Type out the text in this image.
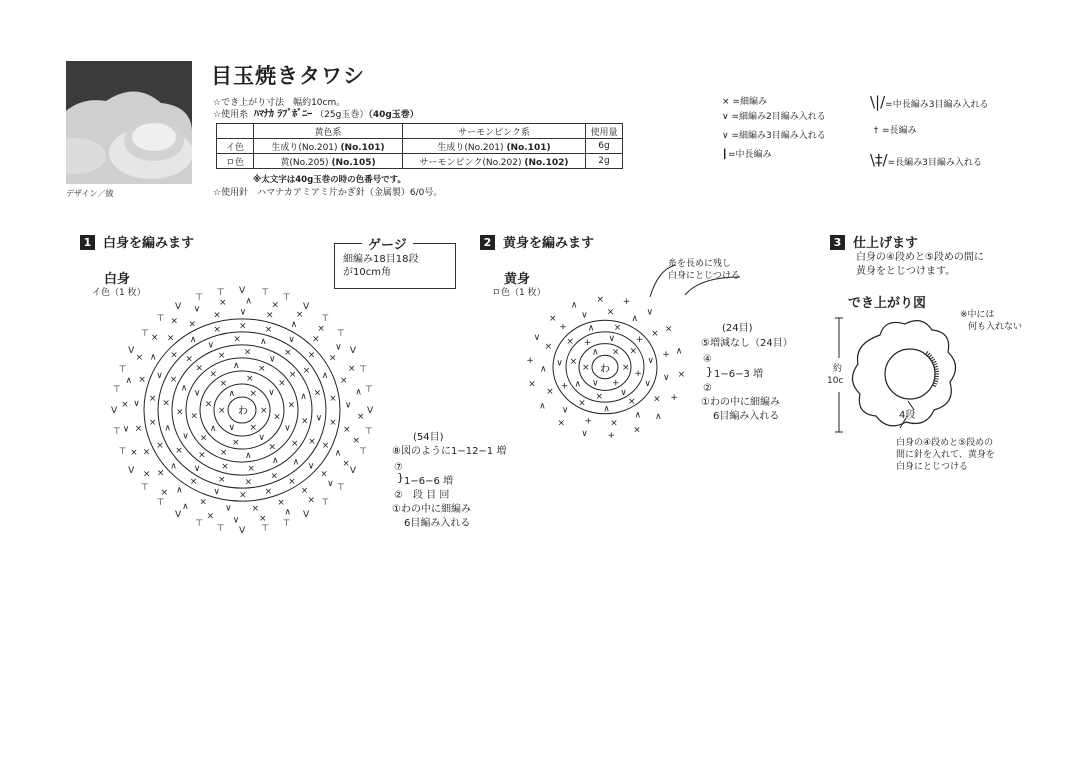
デザイン／綾
目玉焼きタワシ
☆でき上がり寸法　幅約10cm。
☆使用糸 ﾊﾏﾅｶ ﾗﾌﾞﾎﾞﾆｰ （25g玉巻）（40g玉巻）
	黄色系	サーモンピンク系	使用量
イ色	生成り(No.201) (No.101)	生成り(No.201) (No.101)	6g
ロ色	黄(No.205) (No.105)	サーモンピンク(No.202) (No.102)	2g
※太文字は40g玉巻の時の色番号です。
☆使用針　ハマナカアミアミ片かぎ針（金属製）6/0号。
× =細編み
∨ =細編み2目編み入れる
∨ =細編み3目編み入れる
┃=中長編み
\|/=中長編み3目編み入れる
† =長編み
\‡/=長編み3目編み入れる
1 白身を編みます	2 黄身を編みます	3 仕上げます
ゲージ
細編み18目18段
が10cm角
白身
イ色（1 枚）
×
×
∨
×
∧ ×
×
∨
×
∧
×
× ×
∨
∨
×
∧
×
×
×
∨
×
∧ ×
×
×
×
∧
×
×
×
∨
×
∧
×
× ×
∨
×
∧
×
∧
×
×
×
∨
×
∧
×
×
×
∨
× ∧
×
×
×
∨
×
×
×
×
∨
×
∧
×
×
×
∨
×
∧
× × ×
∨
×
∧
×
×
×
∨
×
×
∨
×
∧
×
×
×
∨
×
∧
×
×
× ∨ ×
∧
×
×
×
∨
×
∧
×
×
×
∨
×
∧
×
×
×
∨
×
∧
×
×
×
∨
× ∧ ×
×
×
∨
×
∧
×
×
×
∨
×
∧
Ⅴ
⊤
⊤
Ⅴ
⊤
⊤
Ⅴ
⊤
⊤
Ⅴ
⊤
⊤
Ⅴ
⊤
⊤
Ⅴ
⊤
⊤
Ⅴ
⊤
⊤
Ⅴ
⊤
⊤
Ⅴ
⊤
⊤ Ⅴ ⊤
⊤
Ⅴ
⊤
⊤
Ⅴ
⊤
⊤
わ
(54目)
⑧図のように1−12−1 増
⑦
} 1−6−6 増
② 段 目 回
①わの中に細編み
6目編み入れる
黄身
ロ色（1 枚）
糸を長めに残し
白身にとじつける
×
+
∨
×
∧ ×
+
∨
×
∧
×
+ ∨
×
∨
×
∧
×
+
∨
×
∧ ×
+
∨
×
∧
×
+
∨
×
∧
×
+
∨ ×
∧
×
+
∨
∧
×
+
∨
×
∧
×
+
∨
×
∧
× +
∨
×
∧
×
+
わ
(24目)
⑤増減なし（24目）
④
} 1−6−3 増
②
①わの中に細編み
6目編み入れる
白身の④段めと⑤段めの間に
黄身をとじつけます。
でき上がり図
※中には
何も入れない
約
10c
4段
白身の④段めと⑤段めの
間に針を入れて、黄身を
白身にとじつける
